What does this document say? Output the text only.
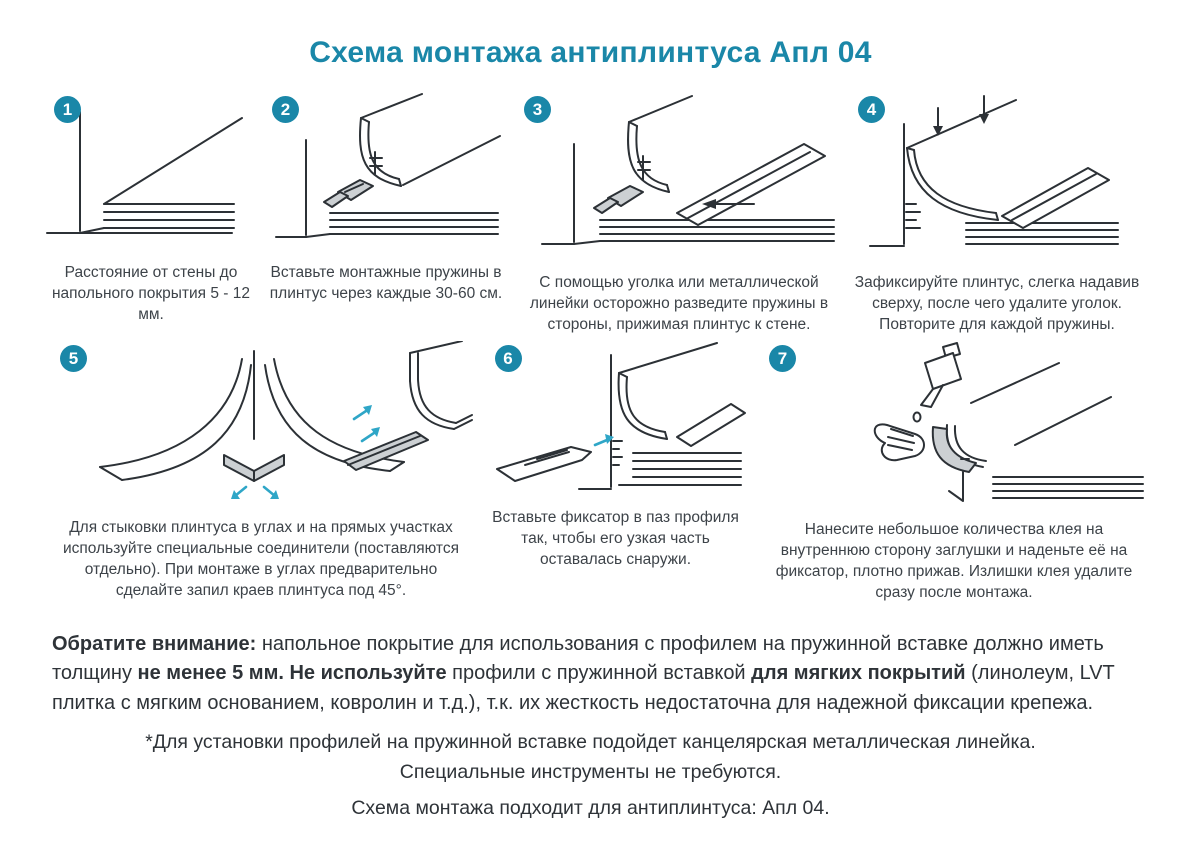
Схема монтажа антиплинтуса Апл 04
1

Расстояние от стены до напольного покрытия 5 - 12 мм.

2

Вставьте монтажные пружины в плинтус через каждые 30-60 см.

3

С помощью уголка или металлической линейки осторожно разведите пружины в стороны, прижимая плинтус к стене.

4

Зафиксируйте плинтус, слегка надавив сверху, после чего удалите уголок. Повторите для каждой пружины.

5

Для стыковки плинтуса в углах и на прямых участках используйте специальные соединители (поставляются отдельно). При монтаже в углах предварительно сделайте запил краев плинтуса под 45°.

6

Вставьте фиксатор в паз профиля так, чтобы его узкая часть оставалась снаружи.

7

Нанесите небольшое количества клея на внутреннюю сторону заглушки и наденьте её на фиксатор, плотно прижав. Излишки клея удалите сразу после монтажа.

Обратите внимание: напольное покрытие для использования с профилем на пружинной вставке должно иметь толщину не менее 5 мм. Не используйте профили с пружинной вставкой для мягких покрытий (линолеум, LVT плитка с мягким основанием, ковролин и т.д.), т.к. их жесткость недостаточна для надежной фиксации крепежа.

*Для установки профилей на пружинной вставке подойдет канцелярская металлическая линейка.
Специальные инструменты не требуются.

Схема монтажа подходит для антиплинтуса: Апл 04.
